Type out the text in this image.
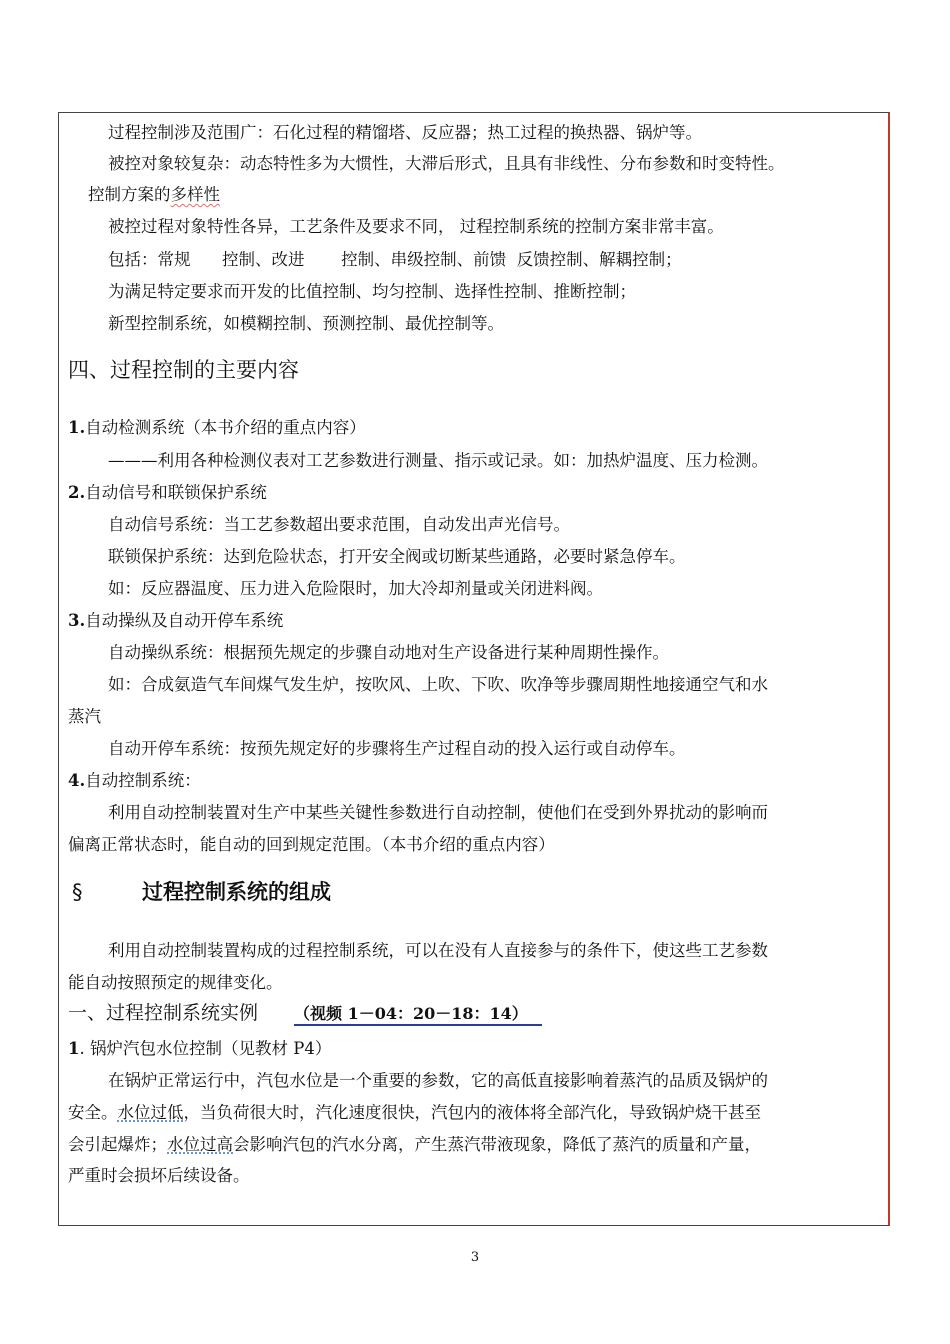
过程控制涉及范围广：石化过程的精馏塔、反应器；热工过程的换热器、锅炉等。
被控对象较复杂：动态特性多为大惯性，大滞后形式，且具有非线性、分布参数和时变特性。
控制方案的多样性
被控过程对象特性各异，工艺条件及要求不同， 过程控制系统的控制方案非常丰富。
包括：常规      控制、改进       控制、串级控制、前馈  反馈控制、解耦控制；
为满足特定要求而开发的比值控制、均匀控制、选择性控制、推断控制；
新型控制系统，如模糊控制、预测控制、最优控制等。
四、过程控制的主要内容
1.自动检测系统（本书介绍的重点内容）
———利用各种检测仪表对工艺参数进行测量、指示或记录。如：加热炉温度、压力检测。
2.自动信号和联锁保护系统
自动信号系统：当工艺参数超出要求范围，自动发出声光信号。
联锁保护系统：达到危险状态，打开安全阀或切断某些通路，必要时紧急停车。
如：反应器温度、压力进入危险限时，加大冷却剂量或关闭进料阀。
3.自动操纵及自动开停车系统
自动操纵系统：根据预先规定的步骤自动地对生产设备进行某种周期性操作。
如：合成氨造气车间煤气发生炉，按吹风、上吹、下吹、吹净等步骤周期性地接通空气和水
蒸汽
自动开停车系统：按预先规定好的步骤将生产过程自动的投入运行或自动停车。
4.自动控制系统：
利用自动控制装置对生产中某些关键性参数进行自动控制，使他们在受到外界扰动的影响而
偏离正常状态时，能自动的回到规定范围。（本书介绍的重点内容）
§	过程控制系统的组成
利用自动控制装置构成的过程控制系统，可以在没有人直接参与的条件下，使这些工艺参数
能自动按照预定的规律变化。
一、过程控制系统实例 （视频 1－04：20－18：14）
1. 锅炉汽包水位控制（见教材 P4）
在锅炉正常运行中，汽包水位是一个重要的参数，它的高低直接影响着蒸汽的品质及锅炉的
安全。水位过低，当负荷很大时，汽化速度很快，汽包内的液体将全部汽化，导致锅炉烧干甚至
会引起爆炸；水位过高会影响汽包的汽水分离，产生蒸汽带液现象，降低了蒸汽的质量和产量，
严重时会损坏后续设备。
3
